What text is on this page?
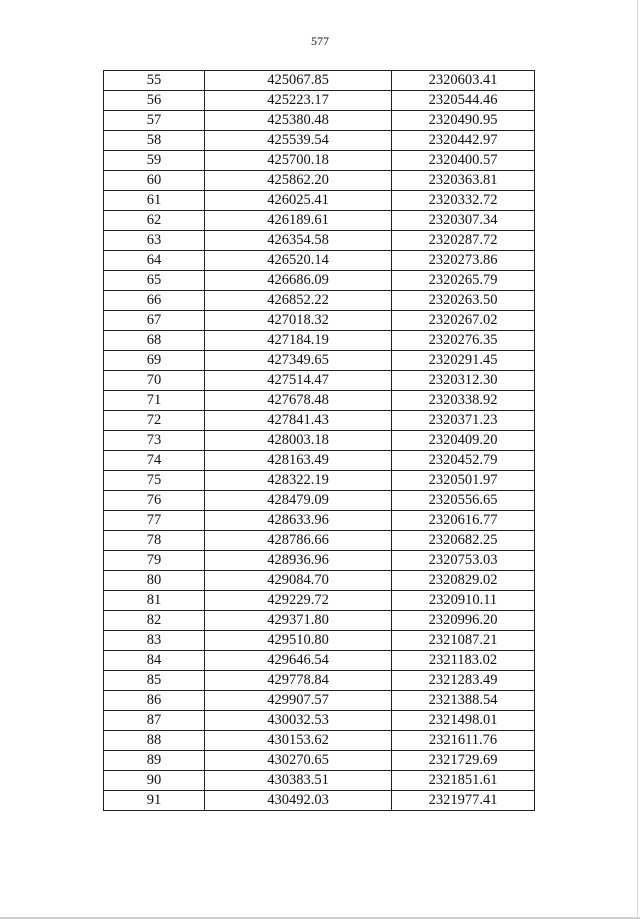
577
55	425067.85	2320603.41
56	425223.17	2320544.46
57	425380.48	2320490.95
58	425539.54	2320442.97
59	425700.18	2320400.57
60	425862.20	2320363.81
61	426025.41	2320332.72
62	426189.61	2320307.34
63	426354.58	2320287.72
64	426520.14	2320273.86
65	426686.09	2320265.79
66	426852.22	2320263.50
67	427018.32	2320267.02
68	427184.19	2320276.35
69	427349.65	2320291.45
70	427514.47	2320312.30
71	427678.48	2320338.92
72	427841.43	2320371.23
73	428003.18	2320409.20
74	428163.49	2320452.79
75	428322.19	2320501.97
76	428479.09	2320556.65
77	428633.96	2320616.77
78	428786.66	2320682.25
79	428936.96	2320753.03
80	429084.70	2320829.02
81	429229.72	2320910.11
82	429371.80	2320996.20
83	429510.80	2321087.21
84	429646.54	2321183.02
85	429778.84	2321283.49
86	429907.57	2321388.54
87	430032.53	2321498.01
88	430153.62	2321611.76
89	430270.65	2321729.69
90	430383.51	2321851.61
91	430492.03	2321977.41
